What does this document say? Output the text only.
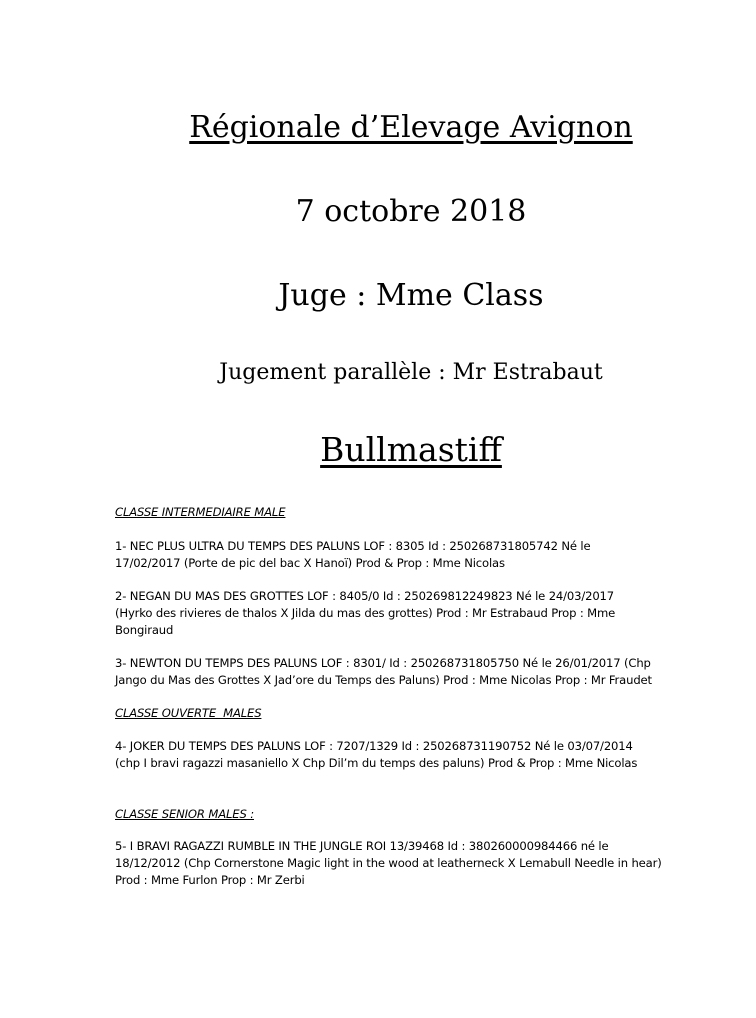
Régionale d’Elevage Avignon
7 octobre 2018
Juge : Mme Class
Jugement parallèle : Mr Estrabaut
Bullmastiff
CLASSE INTERMEDIAIRE MALE
1- NEC PLUS ULTRA DU TEMPS DES PALUNS LOF : 8305 Id : 250268731805742 Né le
17/02/2017 (Porte de pic del bac X Hanoï) Prod & Prop : Mme Nicolas
2- NEGAN DU MAS DES GROTTES LOF : 8405/0 Id : 250269812249823 Né le 24/03/2017
(Hyrko des rivieres de thalos X Jilda du mas des grottes) Prod : Mr Estrabaud Prop : Mme
Bongiraud
3- NEWTON DU TEMPS DES PALUNS LOF : 8301/ Id : 250268731805750 Né le 26/01/2017 (Chp
Jango du Mas des Grottes X Jad’ore du Temps des Paluns) Prod : Mme Nicolas Prop : Mr Fraudet
CLASSE OUVERTE  MALES
4- JOKER DU TEMPS DES PALUNS LOF : 7207/1329 Id : 250268731190752 Né le 03/07/2014
(chp I bravi ragazzi masaniello X Chp Dil’m du temps des paluns) Prod & Prop : Mme Nicolas
CLASSE SENIOR MALES :
5- I BRAVI RAGAZZI RUMBLE IN THE JUNGLE ROI 13/39468 Id : 380260000984466 né le
18/12/2012 (Chp Cornerstone Magic light in the wood at leatherneck X Lemabull Needle in hear)
Prod : Mme Furlon Prop : Mr Zerbi
